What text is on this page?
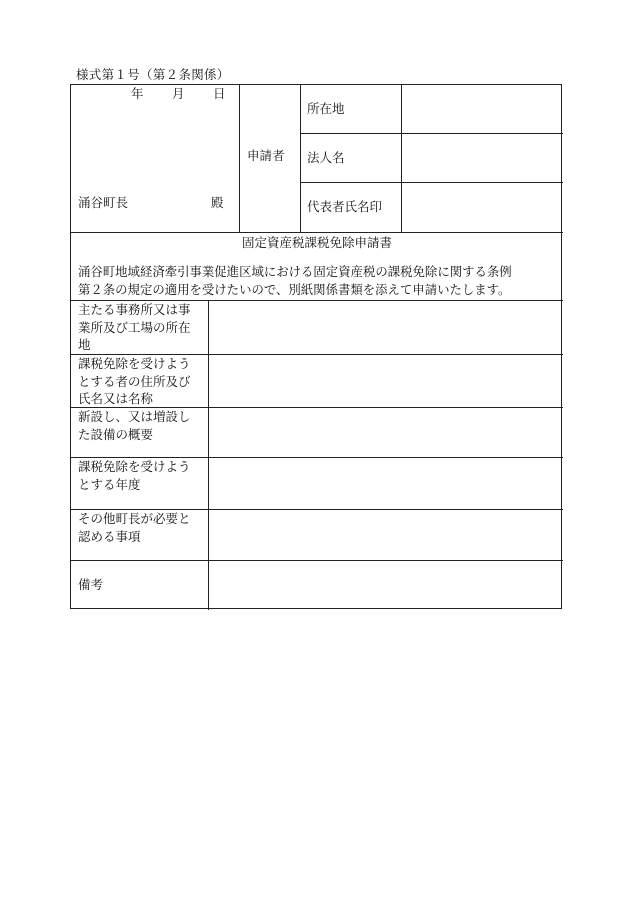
様式第１号（第２条関係）
年 月 日
涌谷町長	殿
申請者
所在地
法人名
代表者氏名印
固定資産税課税免除申請書
涌谷町地域経済牽引事業促進区域における固定資産税の課税免除に関する条例
第２条の規定の適用を受けたいので、別紙関係書類を添えて申請いたします。
主たる事務所又は事
業所及び工場の所在
地
課税免除を受けよう
とする者の住所及び
氏名又は名称
新設し、又は増設し
た設備の概要
課税免除を受けよう
とする年度
その他町長が必要と
認める事項
備考
